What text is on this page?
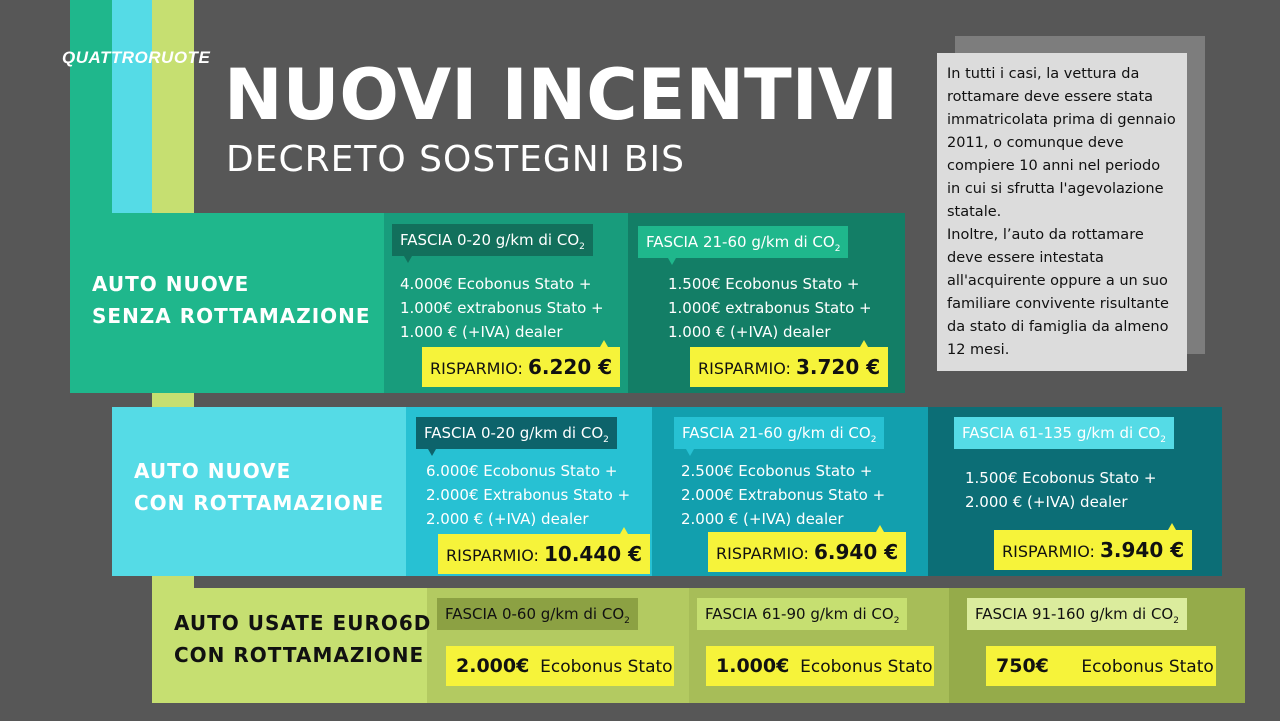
QUATTRORUOTE NUOVI INCENTIVI
DECRETO SOSTEGNI BIS
In tutti i casi, la vettura da
rottamare deve essere stata
immatricolata prima di gennaio
2011, o comunque deve
compiere 10 anni nel periodo
in cui si sfrutta l'agevolazione
statale.
Inoltre, l’auto da rottamare
deve essere intestata
all'acquirente oppure a un suo
familiare convivente risultante
da stato di famiglia da almeno
12 mesi.
AUTO NUOVE
SENZA ROTTAMAZIONE
FASCIA 0-20 g/km di $CO_2$
4.000€ Ecobonus Stato +
1.000€ extrabonus Stato +
1.000 € (+IVA) dealer
RISPARMIO: 6.220 €
FASCIA 21-60 g/km di $CO_2$
1.500€ Ecobonus Stato +
1.000€ extrabonus Stato +
1.000 € (+IVA) dealer
RISPARMIO: 3.720 €
AUTO NUOVE
CON ROTTAMAZIONE
FASCIA 0-20 g/km di $CO_2$
6.000€ Ecobonus Stato +
2.000€ Extrabonus Stato +
2.000 € (+IVA) dealer
RISPARMIO: 10.440 €
FASCIA 21-60 g/km di $CO_2$
2.500€ Ecobonus Stato +
2.000€ Extrabonus Stato +
2.000 € (+IVA) dealer
RISPARMIO: 6.940 €
FASCIA 61-135 g/km di $CO_2$
1.500€ Ecobonus Stato +
2.000 € (+IVA) dealer
RISPARMIO: 3.940 €
AUTO USATE EURO6D
CON ROTTAMAZIONE
FASCIA 0-60 g/km di $CO_2$
2.000€ Ecobonus Stato
FASCIA 61-90 g/km di $CO_2$
1.000€ Ecobonus Stato
FASCIA 91-160 g/km di $CO_2$
750€ Ecobonus Stato
